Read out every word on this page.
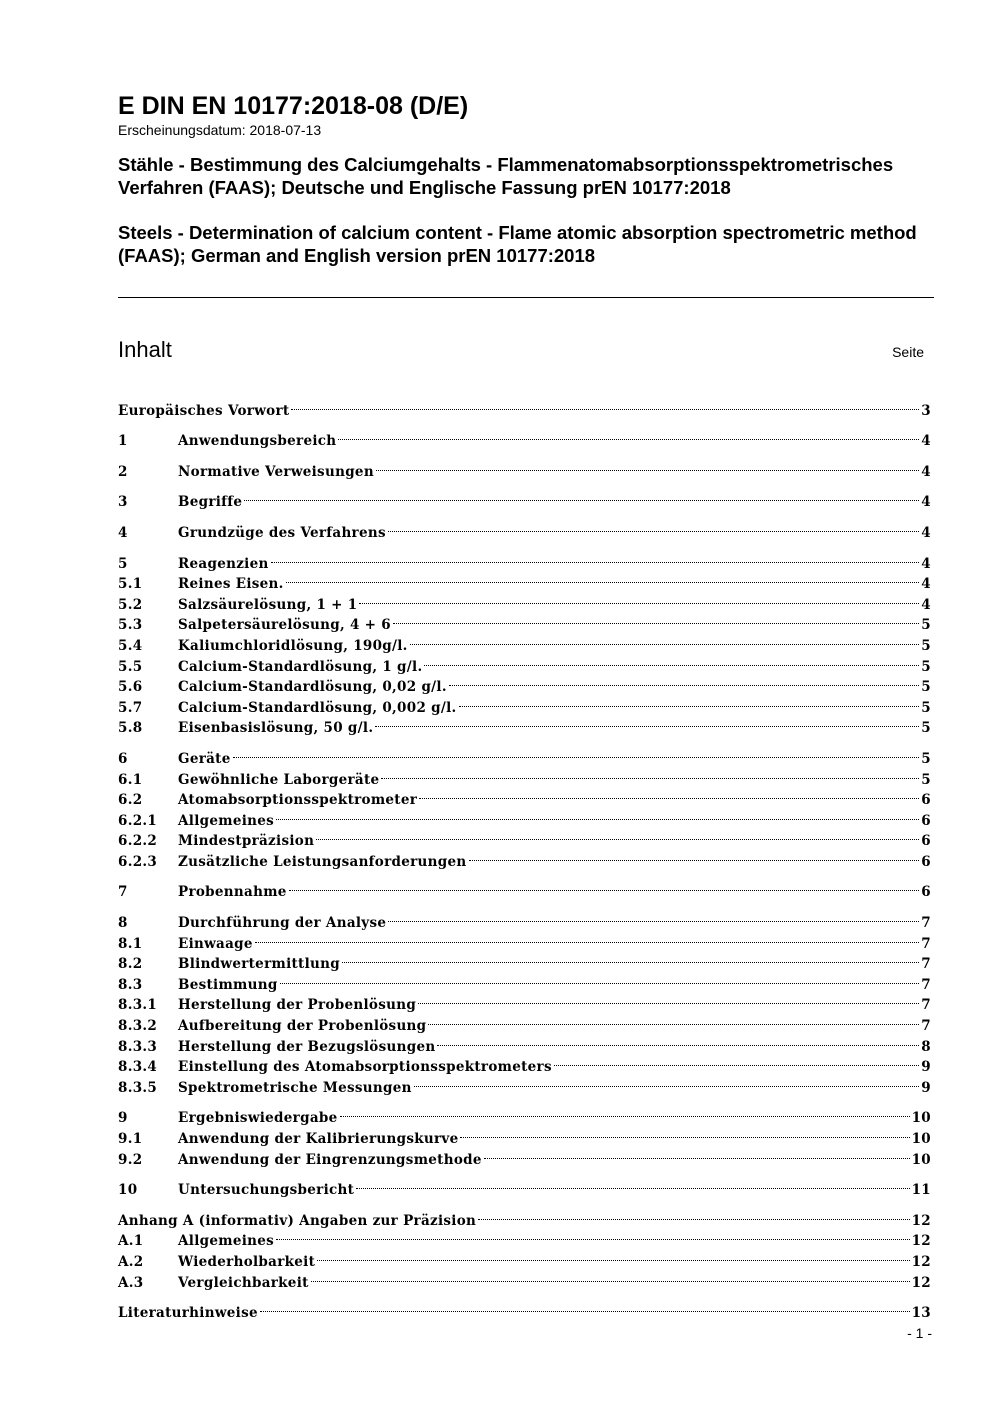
E DIN EN 10177:2018-08 (D/E)

Erscheinungsdatum: 2018-07-13

Stähle - Bestimmung des Calciumgehalts - Flammenatomabsorptionsspektrometrisches Verfahren (FAAS); Deutsche und Englische Fassung prEN 10177:2018

Steels - Determination of calcium content - Flame atomic absorption spectrometric method (FAAS); German and English version prEN 10177:2018

Inhalt	Seite
Europäisches Vorwort	3
1	Anwendungsbereich	4
2	Normative Verweisungen	4
3	Begriffe	4
4	Grundzüge des Verfahrens	4
5	Reagenzien	4
5.1	Reines Eisen.	4
5.2	Salzsäurelösung, 1 + 1	4
5.3	Salpetersäurelösung, 4 + 6	5
5.4	Kaliumchloridlösung, 190g/l.	5
5.5	Calcium-Standardlösung, 1 g/l.	5
5.6	Calcium-Standardlösung, 0,02 g/l.	5
5.7	Calcium-Standardlösung, 0,002 g/l.	5
5.8	Eisenbasislösung, 50 g/l.	5
6	Geräte	5
6.1	Gewöhnliche Laborgeräte	5
6.2	Atomabsorptionsspektrometer	6
6.2.1	Allgemeines	6
6.2.2	Mindestpräzision	6
6.2.3	Zusätzliche Leistungsanforderungen	6
7	Probennahme	6
8	Durchführung der Analyse	7
8.1	Einwaage	7
8.2	Blindwertermittlung	7
8.3	Bestimmung	7
8.3.1	Herstellung der Probenlösung	7
8.3.2	Aufbereitung der Probenlösung	7
8.3.3	Herstellung der Bezugslösungen	8
8.3.4	Einstellung des Atomabsorptionsspektrometers	9
8.3.5	Spektrometrische Messungen	9
9	Ergebniswiedergabe	10
9.1	Anwendung der Kalibrierungskurve	10
9.2	Anwendung der Eingrenzungsmethode	10
10	Untersuchungsbericht	11
Anhang A (informativ) Angaben zur Präzision	12
A.1	Allgemeines	12
A.2	Wiederholbarkeit	12
A.3	Vergleichbarkeit	12
Literaturhinweise	13
- 1 -
